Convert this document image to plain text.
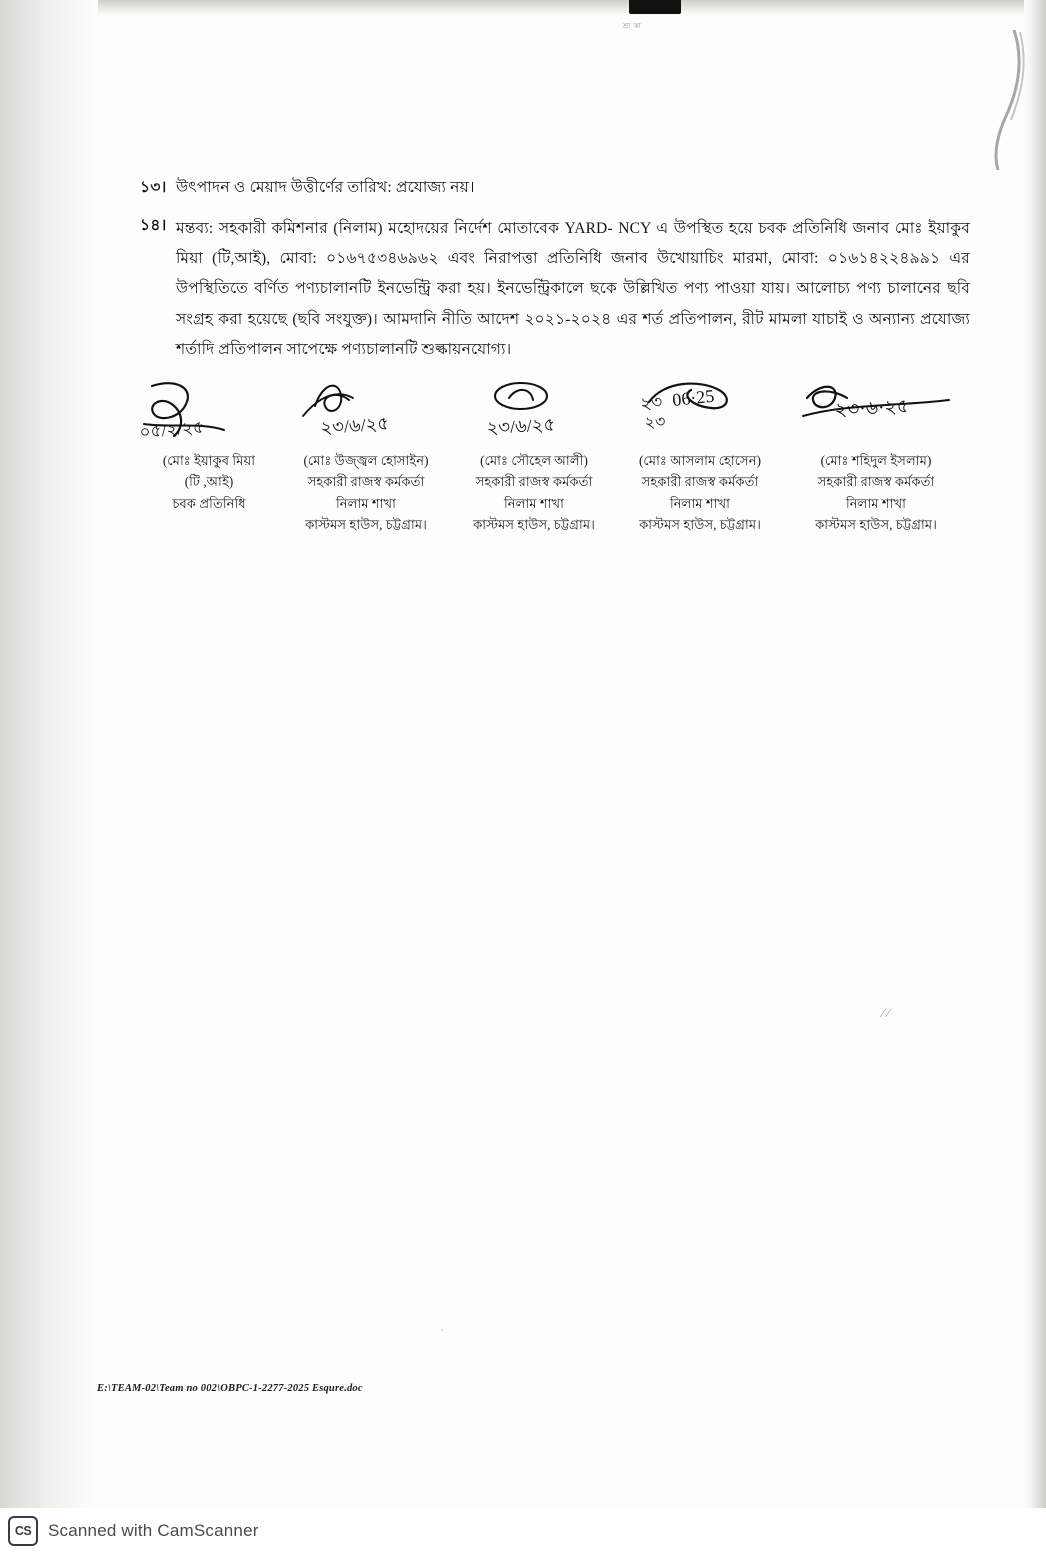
শ্রা কা
⁄ ⁄
·
১৩। উৎপাদন ও মেয়াদ উত্তীর্ণের তারিখ: প্রযোজ্য নয়।
১৪। মন্তব্য: সহকারী কমিশনার (নিলাম) মহোদয়ের নির্দেশ মোতাবেক YARD- NCY এ উপস্থিত হয়ে চবক প্রতিনিধি জনাব মোঃ ইয়াকুব মিয়া (টি,আই), মোবা: ০১৬৭৫৩৪৬৯৬২ এবং নিরাপত্তা প্রতিনিধি জনাব উখোয়াচিং মারমা, মোবা: ০১৬১৪২২৪৯৯১ এর উপস্থিতিতে বর্ণিত পণ্যচালানটি ইনভেন্ট্রি করা হয়। ইনভেন্ট্রিকালে ছকে উল্লিখিত পণ্য পাওয়া যায়। আলোচ্য পণ্য চালানের ছবি সংগ্রহ করা হয়েছে (ছবি সংযুক্ত)। আমদানি নীতি আদেশ ২০২১-২০২৪ এর শর্ত প্রতিপালন, রীট মামলা যাচাই ও অন্যান্য প্রযোজ্য শর্তাদি প্রতিপালন সাপেক্ষে পণ্যচালানটি শুল্কায়নযোগ্য।
০৫/২/২৫
(মোঃ ইয়াকুব মিয়া
(টি ,আই)
চবক প্রতিনিধি
২৩/৬/২৫
(মোঃ উজ্জ্বল হোসাইন)
সহকারী রাজস্ব কর্মকর্তা
নিলাম শাখা
কাস্টমস হাউস, চট্টগ্রাম।
২৩/৬/২৫
(মোঃ সৌহেল আলী)
সহকারী রাজস্ব কর্মকর্তা
নিলাম শাখা
কাস্টমস হাউস, চট্টগ্রাম।
২৩ 06·25
২৩
(মোঃ আসলাম হোসেন)
সহকারী রাজস্ব কর্মকর্তা
নিলাম শাখা
কাস্টমস হাউস, চট্টগ্রাম।
২৩·৬·২৫
(মোঃ শহিদুল ইসলাম)
সহকারী রাজস্ব কর্মকর্তা
নিলাম শাখা
কাস্টমস হাউস, চট্টগ্রাম।
E:\TEAM-02\Team no 002\OBPC-1-2277-2025 Esqure.doc
CS Scanned with CamScanner
